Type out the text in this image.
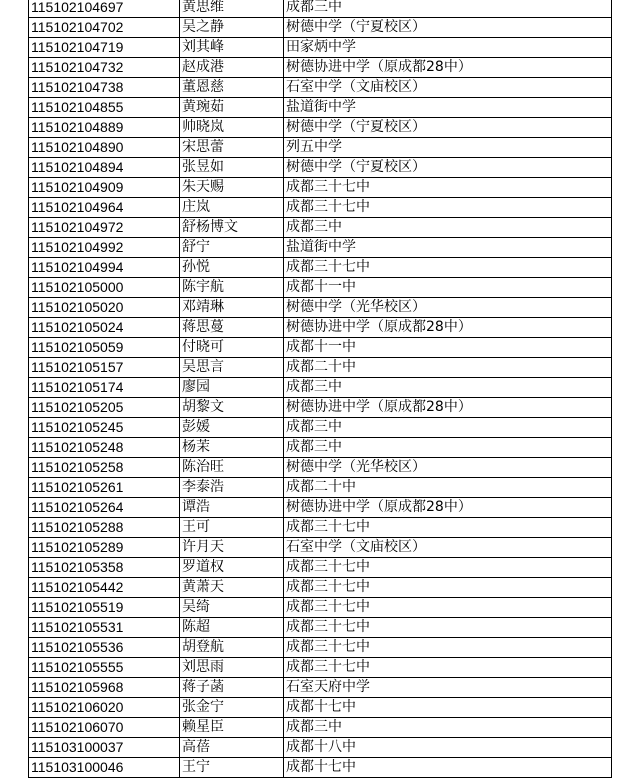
115102104697	黄思维	成都三中
115102104702	吴之静	树德中学（宁夏校区）
115102104719	刘其峰	田家炳中学
115102104732	赵成港	树德协进中学（原成都28中）
115102104738	董恩慈	石室中学（文庙校区）
115102104855	黄琬茹	盐道街中学
115102104889	帅晓岚	树德中学（宁夏校区）
115102104890	宋思蕾	列五中学
115102104894	张昱如	树德中学（宁夏校区）
115102104909	朱天赐	成都三十七中
115102104964	庄岚	成都三十七中
115102104972	舒杨博文	成都三中
115102104992	舒宁	盐道街中学
115102104994	孙悦	成都三十七中
115102105000	陈宇航	成都十一中
115102105020	邓靖琳	树德中学（光华校区）
115102105024	蒋思蔓	树德协进中学（原成都28中）
115102105059	付晓可	成都十一中
115102105157	吴思言	成都二十中
115102105174	廖园	成都三中
115102105205	胡黎文	树德协进中学（原成都28中）
115102105245	彭媛	成都三中
115102105248	杨茉	成都三中
115102105258	陈治旺	树德中学（光华校区）
115102105261	李泰浩	成都二十中
115102105264	谭浩	树德协进中学（原成都28中）
115102105288	王可	成都三十七中
115102105289	许月天	石室中学（文庙校区）
115102105358	罗道权	成都三十七中
115102105442	黄萧天	成都三十七中
115102105519	吴绮	成都三十七中
115102105531	陈超	成都三十七中
115102105536	胡登航	成都三十七中
115102105555	刘思雨	成都三十七中
115102105968	蒋子菡	石室天府中学
115102106020	张金宁	成都十七中
115102106070	赖星臣	成都三中
115103100037	高蓓	成都十八中
115103100046	王宁	成都十七中
